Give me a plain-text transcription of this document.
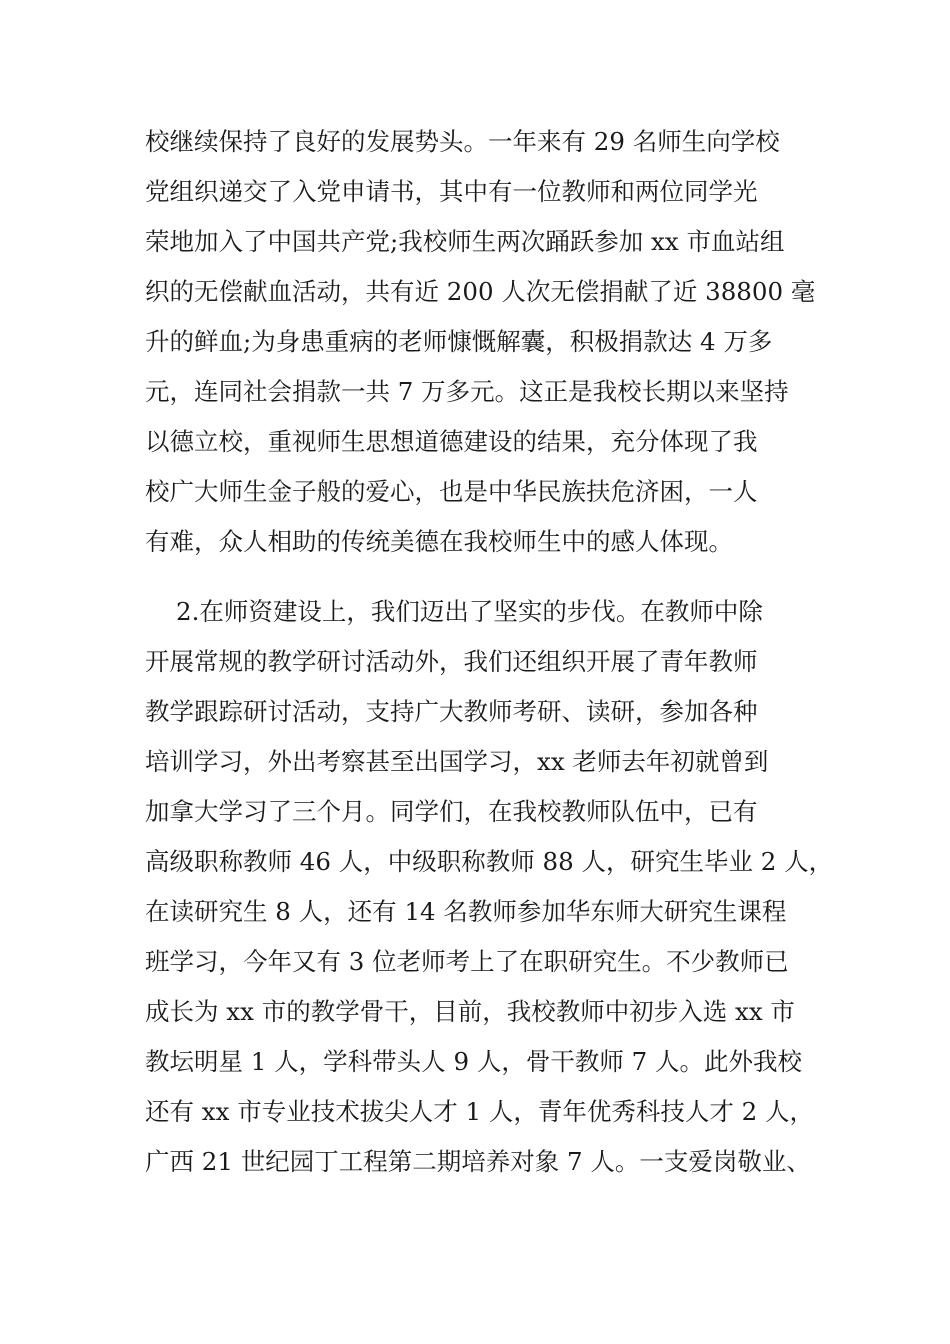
校继续保持了良好的发展势头。一年来有 29 名师生向学校
党组织递交了入党申请书，其中有一位教师和两位同学光
荣地加入了中国共产党;我校师生两次踊跃参加 xx 市血站组
织的无偿献血活动，共有近 200 人次无偿捐献了近 38800 毫
升的鲜血;为身患重病的老师慷慨解囊，积极捐款达 4 万多
元，连同社会捐款一共 7 万多元。这正是我校长期以来坚持
以德立校，重视师生思想道德建设的结果，充分体现了我
校广大师生金子般的爱心，也是中华民族扶危济困，一人
有难，众人相助的传统美德在我校师生中的感人体现。
2.在师资建设上，我们迈出了坚实的步伐。在教师中除
开展常规的教学研讨活动外，我们还组织开展了青年教师
教学跟踪研讨活动，支持广大教师考研、读研，参加各种
培训学习，外出考察甚至出国学习，xx 老师去年初就曾到
加拿大学习了三个月。同学们，在我校教师队伍中，已有
高级职称教师 46 人，中级职称教师 88 人，研究生毕业 2 人，
在读研究生 8 人，还有 14 名教师参加华东师大研究生课程
班学习，今年又有 3 位老师考上了在职研究生。不少教师已
成长为 xx 市的教学骨干，目前，我校教师中初步入选 xx 市
教坛明星 1 人，学科带头人 9 人，骨干教师 7 人。此外我校
还有 xx 市专业技术拔尖人才 1 人，青年优秀科技人才 2 人，
广西 21 世纪园丁工程第二期培养对象 7 人。一支爱岗敬业、
